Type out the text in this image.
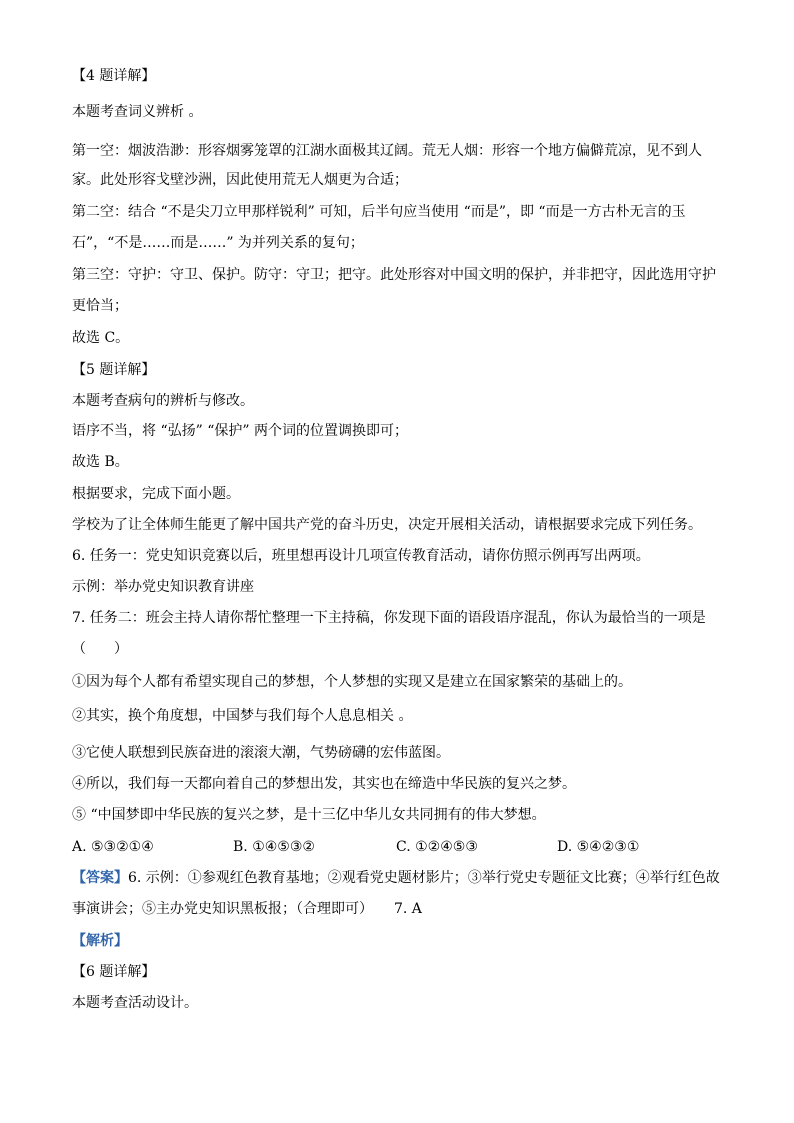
【4 题详解】
本题考查词义辨析 。
第一空：烟波浩渺：形容烟雾笼罩的江湖水面极其辽阔。荒无人烟：形容一个地方偏僻荒凉，见不到人
家。此处形容戈壁沙洲，因此使用荒无人烟更为合适；
第二空：结合 “不是尖刀立甲那样锐利” 可知，后半句应当使用 “而是”，即 “而是一方古朴无言的玉
石”，“不是……而是……” 为并列关系的复句；
第三空：守护：守卫、保护。防守：守卫；把守。此处形容对中国文明的保护，并非把守，因此选用守护
更恰当；
故选 C。
【5 题详解】
本题考查病句的辨析与修改。
语序不当，将 “弘扬” “保护” 两个词的位置调换即可；
故选 B。
根据要求，完成下面小题。
学校为了让全体师生能更了解中国共产党的奋斗历史，决定开展相关活动，请根据要求完成下列任务。
6. 任务一：党史知识竞赛以后，班里想再设计几项宣传教育活动，请你仿照示例再写出两项。
示例：举办党史知识教育讲座
7. 任务二：班会主持人请你帮忙整理一下主持稿，你发现下面的语段语序混乱，你认为最恰当的一项是
（　　）
①因为每个人都有希望实现自己的梦想，个人梦想的实现又是建立在国家繁荣的基础上的。
②其实，换个角度想，中国梦与我们每个人息息相关 。
③它使人联想到民族奋进的滚滚大潮，气势磅礴的宏伟蓝图。
④所以，我们每一天都向着自己的梦想出发，其实也在缔造中华民族的复兴之梦。
⑤ “中国梦即中华民族的复兴之梦，是十三亿中华儿女共同拥有的伟大梦想。
A. ⑤③②①④	B. ①④⑤③②	C. ①②④⑤③	D. ⑤④②③①
【答案】6. 示例：①参观红色教育基地；②观看党史题材影片；③举行党史专题征文比赛；④举行红色故
事演讲会；⑤主办党史知识黑板报；（合理即可）　　7. A
【解析】
【6 题详解】
本题考查活动设计。
